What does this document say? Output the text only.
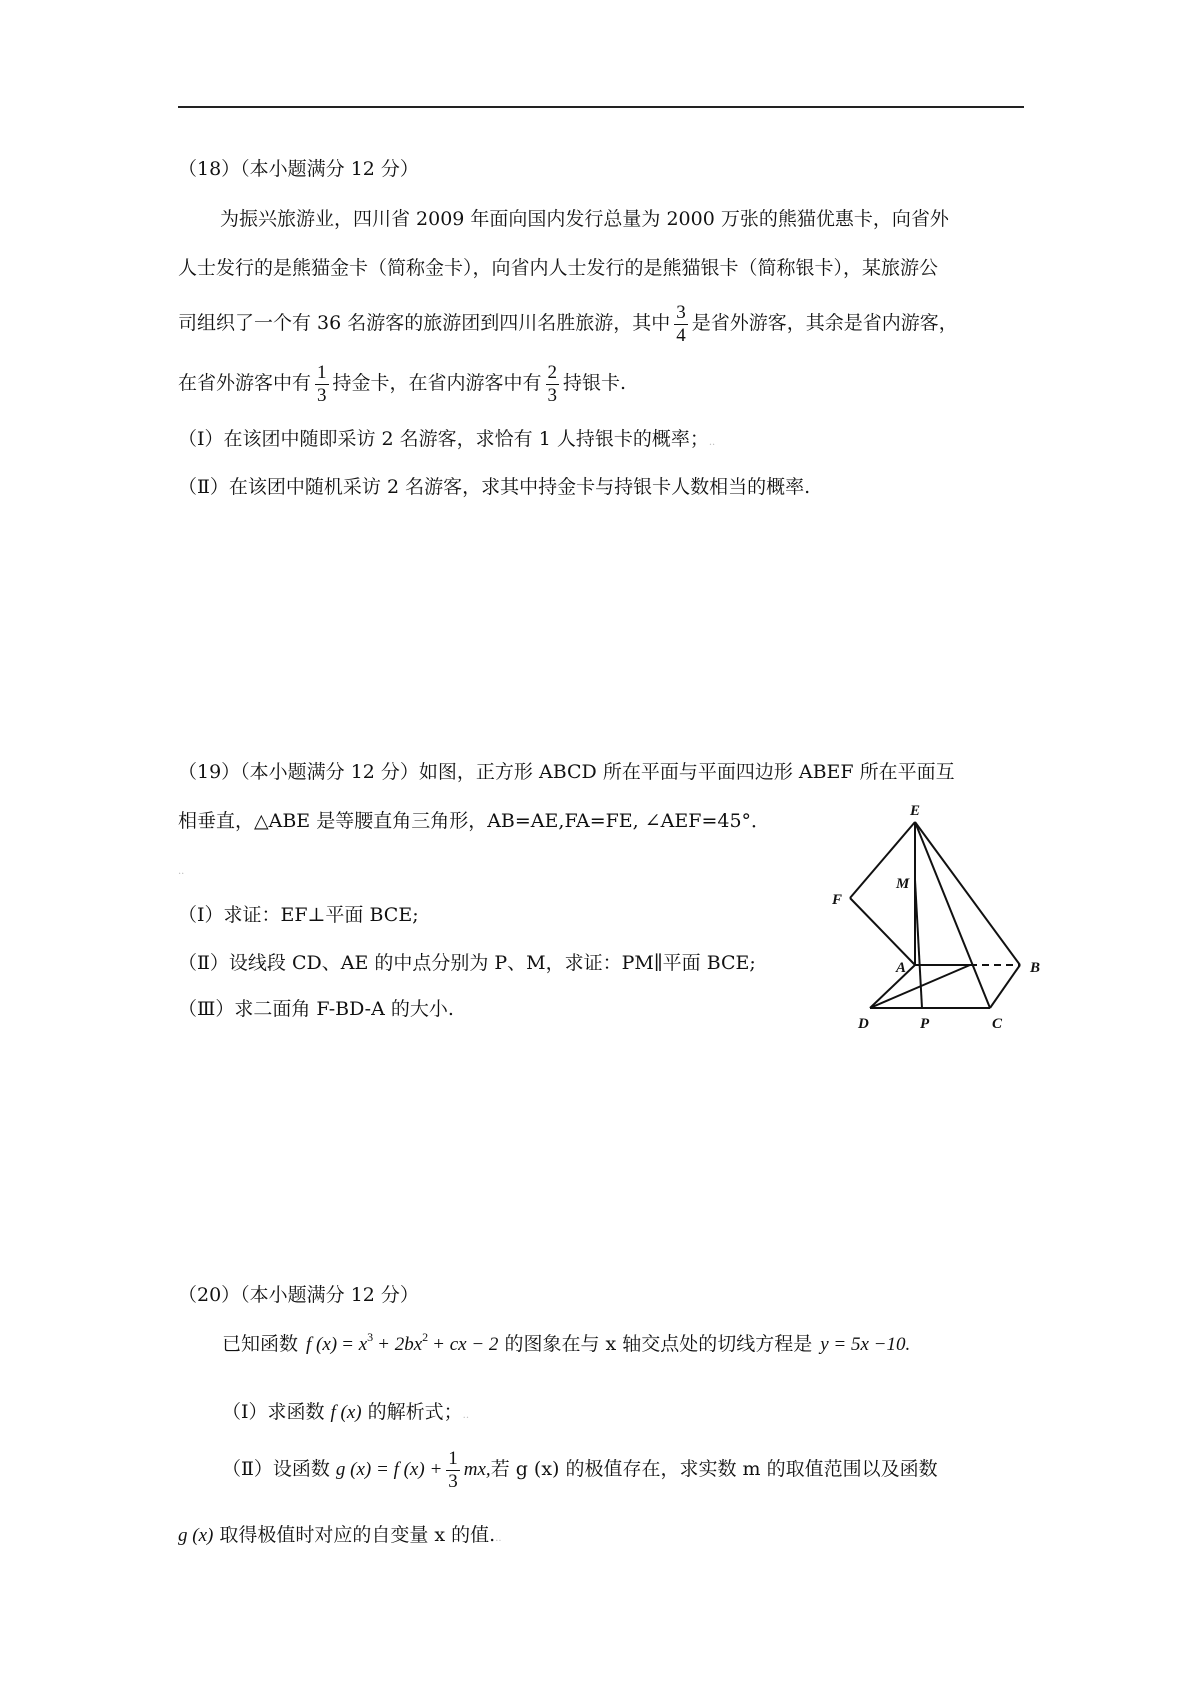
（18）（本小题满分 12 分）
为振兴旅游业，四川省 2009 年面向国内发行总量为 2000 万张的熊猫优惠卡，向省外
人士发行的是熊猫金卡（简称金卡），向省内人士发行的是熊猫银卡（简称银卡），某旅游公
司组织了一个有 36 名游客的旅游团到四川名胜旅游，其中 $\frac{3}{4}$ 是省外游客，其余是省内游客，
在省外游客中有 $\frac{1}{3}$ 持金卡，在省内游客中有 $\frac{2}{3}$ 持银卡.
（Ⅰ）在该团中随即采访 2 名游客，求恰有 1 人持银卡的概率；..
（Ⅱ）在该团中随机采访 2 名游客，求其中持金卡与持银卡人数相当的概率.
（19）（本小题满分 12 分）如图，正方形 ABCD 所在平面与平面四边形 ABEF 所在平面互
相垂直，△ABE 是等腰直角三角形，AB=AE,FA=FE, ∠AEF=45°．
..
（Ⅰ）求证：EF⊥平面 BCE;
（Ⅱ）设线段 CD、AE 的中点分别为 P、M，求证：PM∥平面 BCE;
（Ⅲ）求二面角 F-BD-A 的大小.
E
F
M
A	B
D	P	C
（20）（本小题满分 12 分）
已知函数 f $(x) = x^3 + 2bx^2$ + cx − 2 的图象在与 x 轴交点处的切线方程是 y = 5x −10.
（Ⅰ）求函数 f (x) 的解析式；..
（Ⅱ）设函数 g (x) = f $(x) + \frac{1}{3}$ mx,若 g (x) 的极值存在，求实数 m 的取值范围以及函数
g (x) 取得极值时对应的自变量 x 的值...
